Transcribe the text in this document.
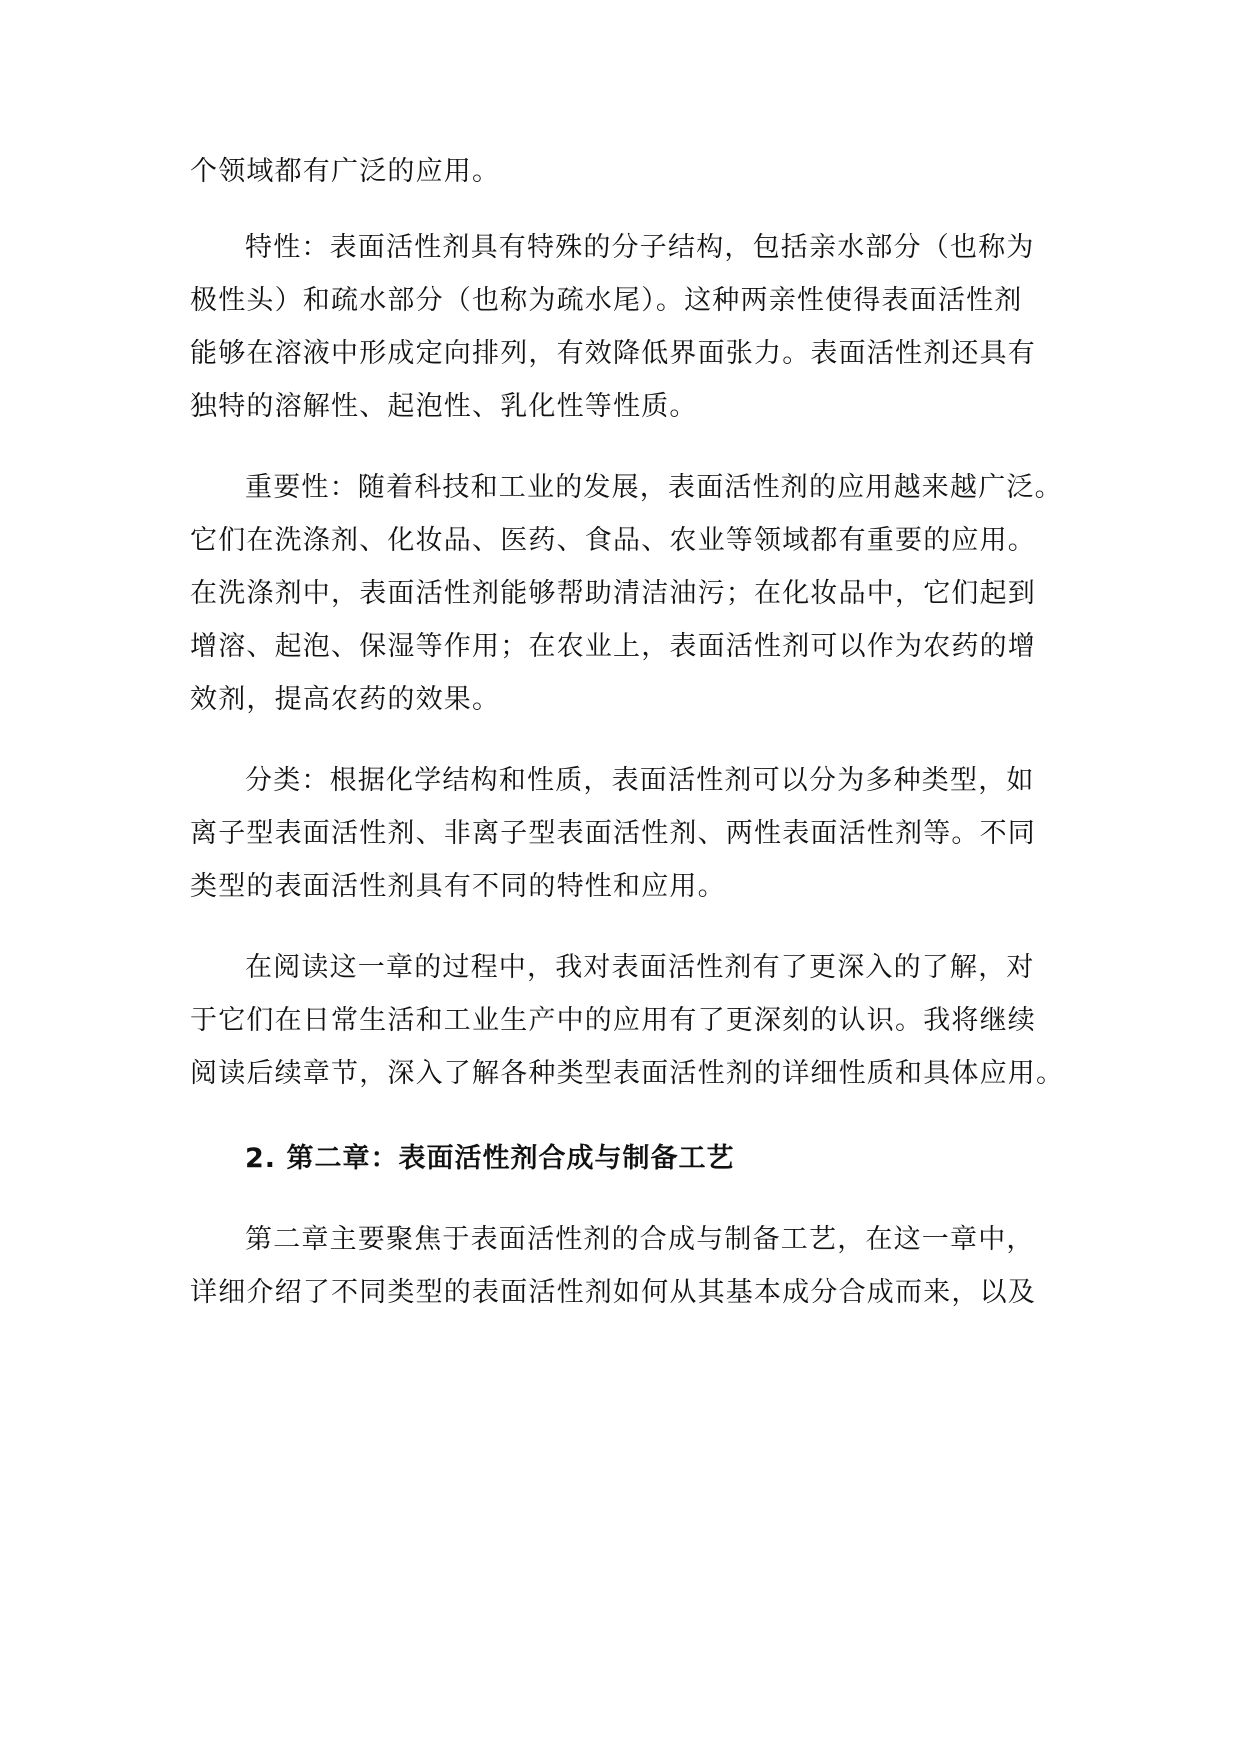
个领域都有广泛的应用。
特性：表面活性剂具有特殊的分子结构，包括亲水部分（也称为
极性头）和疏水部分（也称为疏水尾）。这种两亲性使得表面活性剂
能够在溶液中形成定向排列，有效降低界面张力。表面活性剂还具有
独特的溶解性、起泡性、乳化性等性质。
重要性：随着科技和工业的发展，表面活性剂的应用越来越广泛。
它们在洗涤剂、化妆品、医药、食品、农业等领域都有重要的应用。
在洗涤剂中，表面活性剂能够帮助清洁油污；在化妆品中，它们起到
增溶、起泡、保湿等作用；在农业上，表面活性剂可以作为农药的增
效剂，提高农药的效果。
分类：根据化学结构和性质，表面活性剂可以分为多种类型，如
离子型表面活性剂、非离子型表面活性剂、两性表面活性剂等。不同
类型的表面活性剂具有不同的特性和应用。
在阅读这一章的过程中，我对表面活性剂有了更深入的了解，对
于它们在日常生活和工业生产中的应用有了更深刻的认识。我将继续
阅读后续章节，深入了解各种类型表面活性剂的详细性质和具体应用。
2. 第二章：表面活性剂合成与制备工艺
第二章主要聚焦于表面活性剂的合成与制备工艺，在这一章中，
详细介绍了不同类型的表面活性剂如何从其基本成分合成而来，以及
